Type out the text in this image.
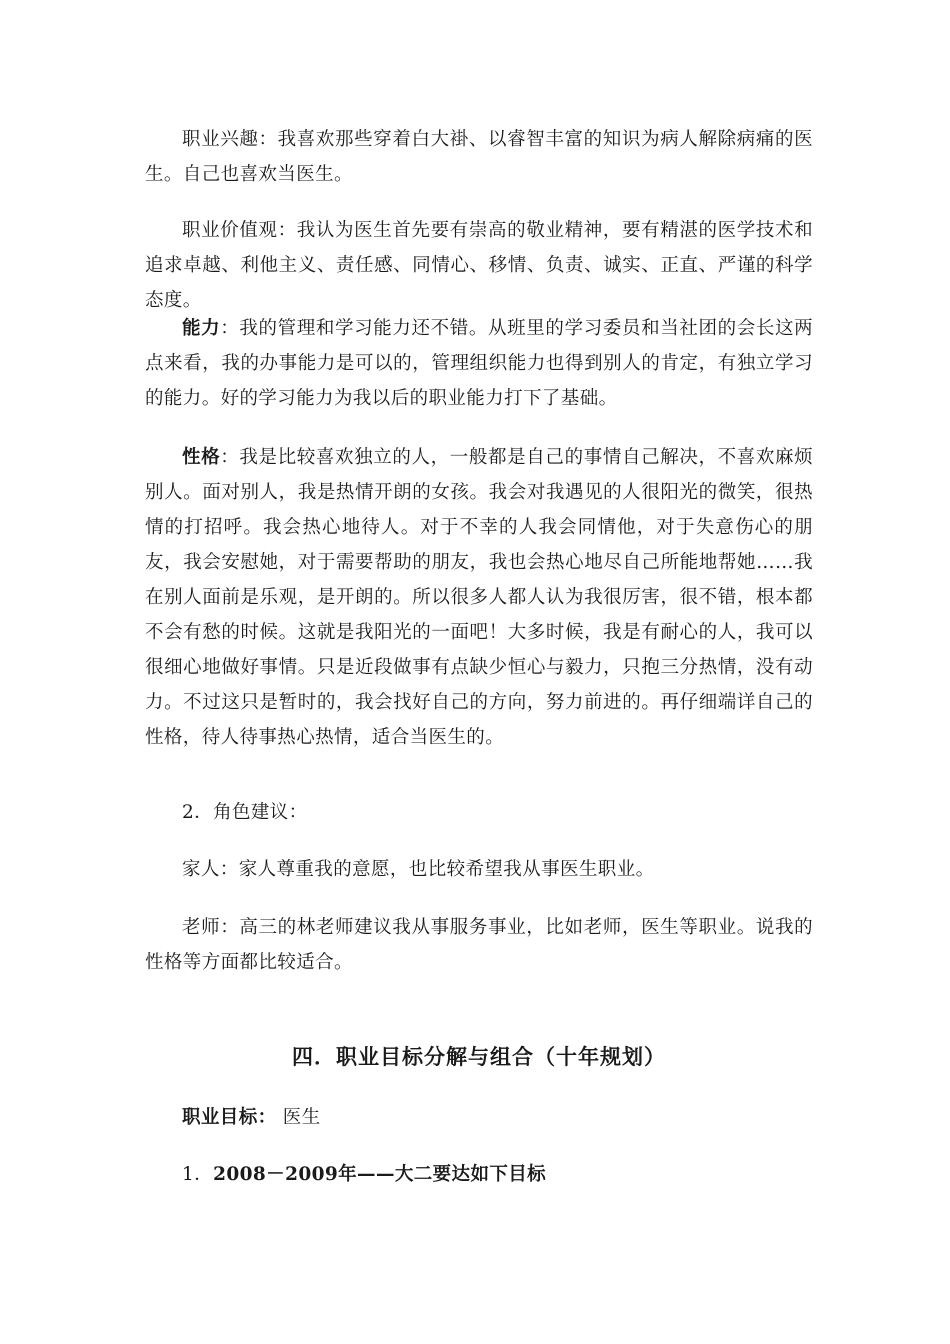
职业兴趣：我喜欢那些穿着白大褂、以睿智丰富的知识为病人解除病痛的医生。自己也喜欢当医生。

职业价值观：我认为医生首先要有崇高的敬业精神，要有精湛的医学技术和追求卓越、利他主义、责任感、同情心、移情、负责、诚实、正直、严谨的科学态度。

能力：我的管理和学习能力还不错。从班里的学习委员和当社团的会长这两点来看，我的办事能力是可以的，管理组织能力也得到别人的肯定，有独立学习的能力。好的学习能力为我以后的职业能力打下了基础。

性格：我是比较喜欢独立的人，一般都是自己的事情自己解决，不喜欢麻烦别人。面对别人，我是热情开朗的女孩。我会对我遇见的人很阳光的微笑，很热情的打招呼。我会热心地待人。对于不幸的人我会同情他，对于失意伤心的朋友，我会安慰她，对于需要帮助的朋友，我也会热心地尽自己所能地帮她……我在别人面前是乐观，是开朗的。所以很多人都人认为我很厉害，很不错，根本都不会有愁的时候。这就是我阳光的一面吧！大多时候，我是有耐心的人，我可以很细心地做好事情。只是近段做事有点缺少恒心与毅力，只抱三分热情，没有动力。不过这只是暂时的，我会找好自己的方向，努力前进的。再仔细端详自己的性格，待人待事热心热情，适合当医生的。

2．角色建议：

家人：家人尊重我的意愿，也比较希望我从事医生职业。

老师：高三的林老师建议我从事服务事业，比如老师，医生等职业。说我的性格等方面都比较适合。

四．职业目标分解与组合（十年规划）

职业目标： 医生

1．2008－2009年——大二要达如下目标
